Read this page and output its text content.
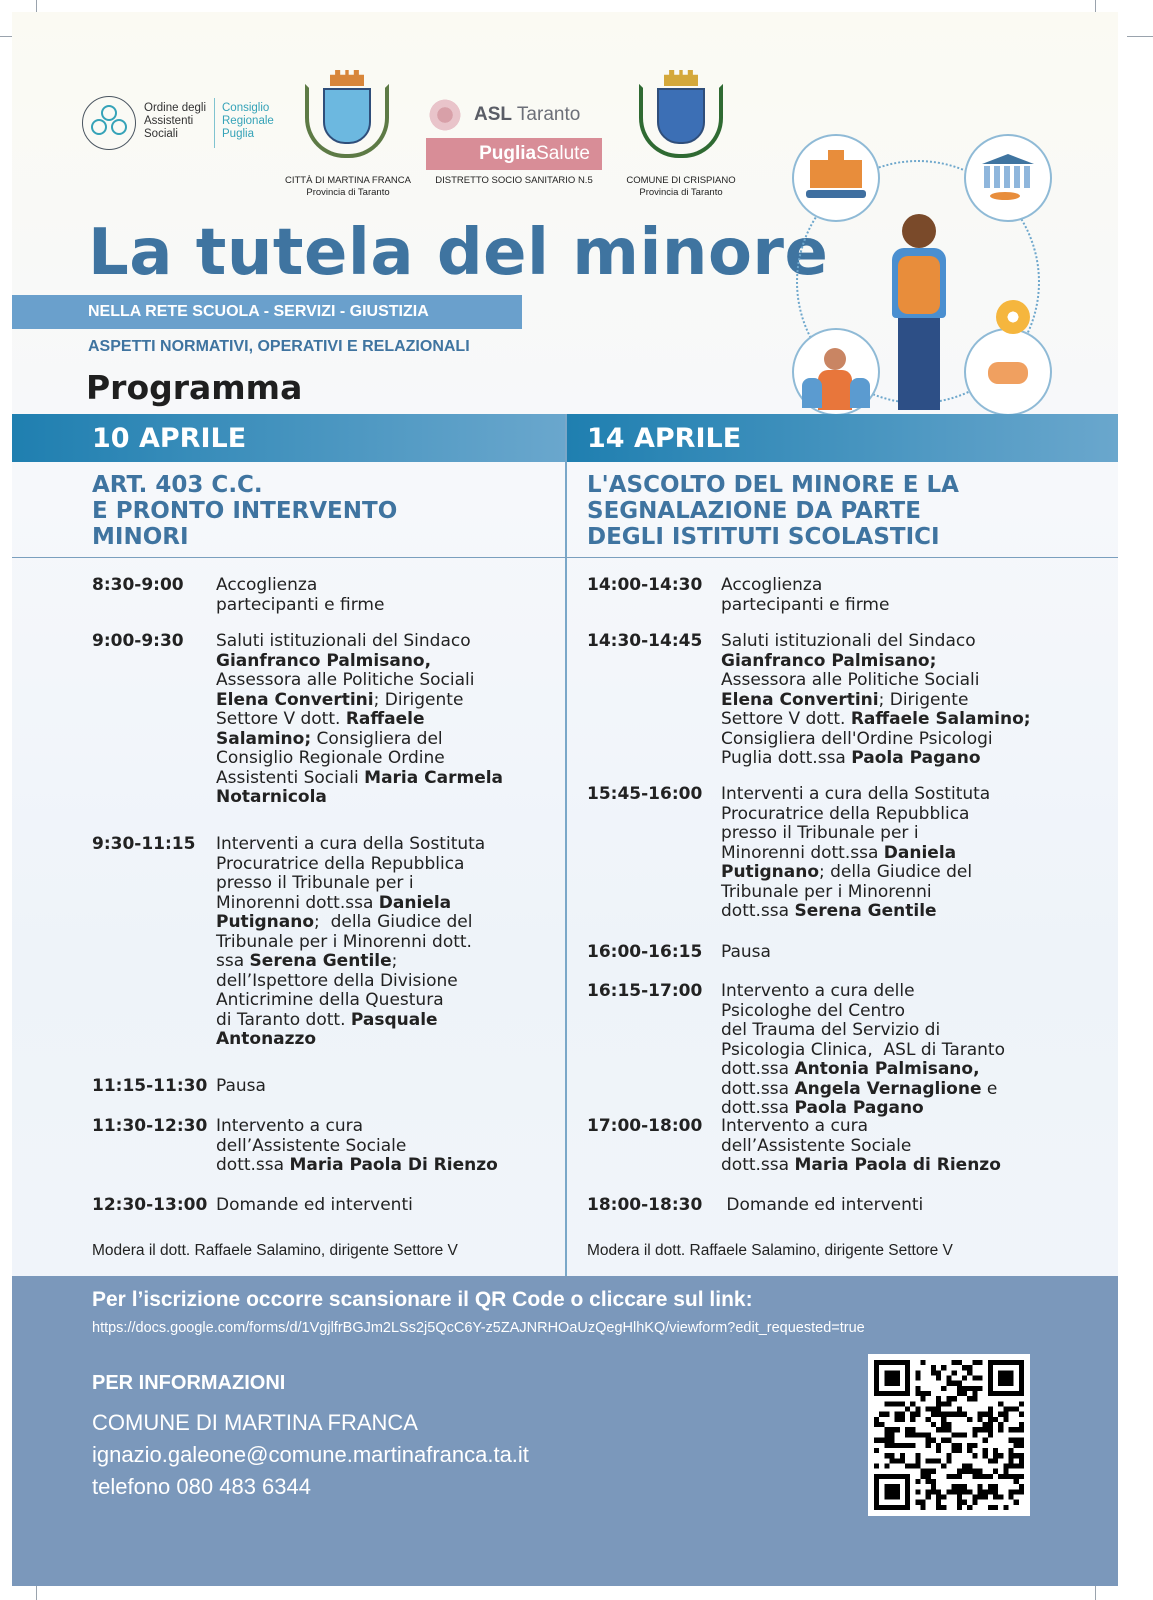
Ordine degli
Assistenti
Sociali
Consiglio
Regionale
Puglia
CITTÀ DI MARTINA FRANCA
Provincia di Taranto
ASL Taranto
PugliaSalute
DISTRETTO SOCIO SANITARIO N.5	COMUNE DI CRISPIANO
Provincia di Taranto
La tutela del minore
NELLA RETE SCUOLA - SERVIZI - GIUSTIZIA
ASPETTI NORMATIVI, OPERATIVI E RELAZIONALI
Programma
10 APRILE	14 APRILE
ART. 403 C.C.
E PRONTO INTERVENTO
MINORI
L'ASCOLTO DEL MINORE E LA
SEGNALAZIONE DA PARTE
DEGLI ISTITUTI SCOLASTICI
8:30-9:00 Accoglienza
partecipanti e firme
9:00-9:30 Saluti istituzionali del Sindaco
Gianfranco Palmisano,
Assessora alle Politiche Sociali
Elena Convertini; Dirigente
Settore V dott. Raffaele
Salamino; Consigliera del
Consiglio Regionale Ordine
Assistenti Sociali Maria Carmela
Notarnicola
9:30-11:15 Interventi a cura della Sostituta
Procuratrice della Repubblica
presso il Tribunale per i
Minorenni dott.ssa Daniela
Putignano;  della Giudice del
Tribunale per i Minorenni dott.
ssa Serena Gentile;
dell’Ispettore della Divisione
Anticrimine della Questura
di Taranto dott. Pasquale
Antonazzo
11:15-11:30 Pausa
11:30-12:30 Intervento a cura
dell’Assistente Sociale
dott.ssa Maria Paola Di Rienzo
12:30-13:00 Domande ed interventi
14:00-14:30 Accoglienza
partecipanti e firme
14:30-14:45 Saluti istituzionali del Sindaco
Gianfranco Palmisano;
Assessora alle Politiche Sociali
Elena Convertini; Dirigente
Settore V dott. Raffaele Salamino;
Consigliera dell'Ordine Psicologi
Puglia dott.ssa Paola Pagano
15:45-16:00 Interventi a cura della Sostituta
Procuratrice della Repubblica
presso il Tribunale per i
Minorenni dott.ssa Daniela
Putignano; della Giudice del
Tribunale per i Minorenni
dott.ssa Serena Gentile
16:00-16:15 Pausa
16:15-17:00 Intervento a cura delle
Psicologhe del Centro
del Trauma del Servizio di
Psicologia Clinica,  ASL di Taranto
dott.ssa Antonia Palmisano,
dott.ssa Angela Vernaglione e
dott.ssa Paola Pagano
17:00-18:00 Intervento a cura
dell’Assistente Sociale
dott.ssa Maria Paola di Rienzo
18:00-18:30 Domande ed interventi
Modera il dott. Raffaele Salamino, dirigente Settore V	Modera il dott. Raffaele Salamino, dirigente Settore V
Per l’iscrizione occorre scansionare il QR Code o cliccare sul link:
https://docs.google.com/forms/d/1VgjlfrBGJm2LSs2j5QcC6Y-z5ZAJNRHOaUzQegHlhKQ/viewform?edit_requested=true
PER INFORMAZIONI
COMUNE DI MARTINA FRANCA
ignazio.galeone@comune.martinafranca.ta.it
telefono 080 483 6344
